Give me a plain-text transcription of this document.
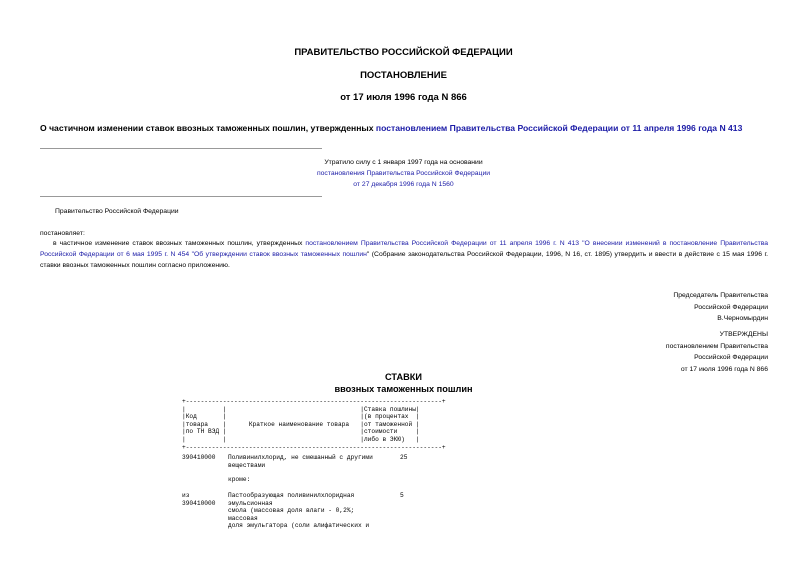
ПРАВИТЕЛЬСТВО РОССИЙСКОЙ ФЕДЕРАЦИИ
ПОСТАНОВЛЕНИЕ
от 17 июля 1996 года N 866
О частичном изменении ставок ввозных таможенных пошлин, утвержденных постановлением Правительства Российской Федерации от 11 апреля 1996 года N 413
Утратило силу с 1 января 1997 года на основании
постановления Правительства Российской Федерации
от 27 декабря 1996 года N 1560
Правительство Российской Федерации
постановляет:
в частичное изменение ставок ввозных таможенных пошлин, утвержденных постановлением Правительства Российской Федерации от 11 апреля 1996 г. N 413 "О внесении изменений в постановление Правительства Российской Федерации от 6 мая 1995 г. N 454 "Об утверждении ставок ввозных таможенных пошлин" (Собрание законодательства Российской Федерации, 1996, N 16, ст. 1895) утвердить и ввести в действие с 15 мая 1996 г. ставки ввозных таможенных пошлин согласно приложению.
Председатель Правительства
Российской Федерации
В.Черномырдин
УТВЕРЖДЕНЫ
постановлением Правительства
Российской Федерации
от 17 июля 1996 года N 866
СТАВКИ
ввозных таможенных пошлин
+---------------------------------------------------------------------+
|          |                                    |Ставка пошлины|
|Код       |                                    |(в процентах  |
|товара    |      Краткое наименование товара   |от таможенной |
|по ТН ВЭД |                                    |стоимости     |
|          |                                    |либо в ЭКЮ)   |
+---------------------------------------------------------------------+
390410000 Поливинилхлорид, не смешанный с другими
веществами
25
кроме:
из
390410000
Пастообразующая поливинилхлоридная
эмульсионная
смола (массовая доля влаги - 0,2%;
массовая
доля эмульгатора (соли алифатических и
5
